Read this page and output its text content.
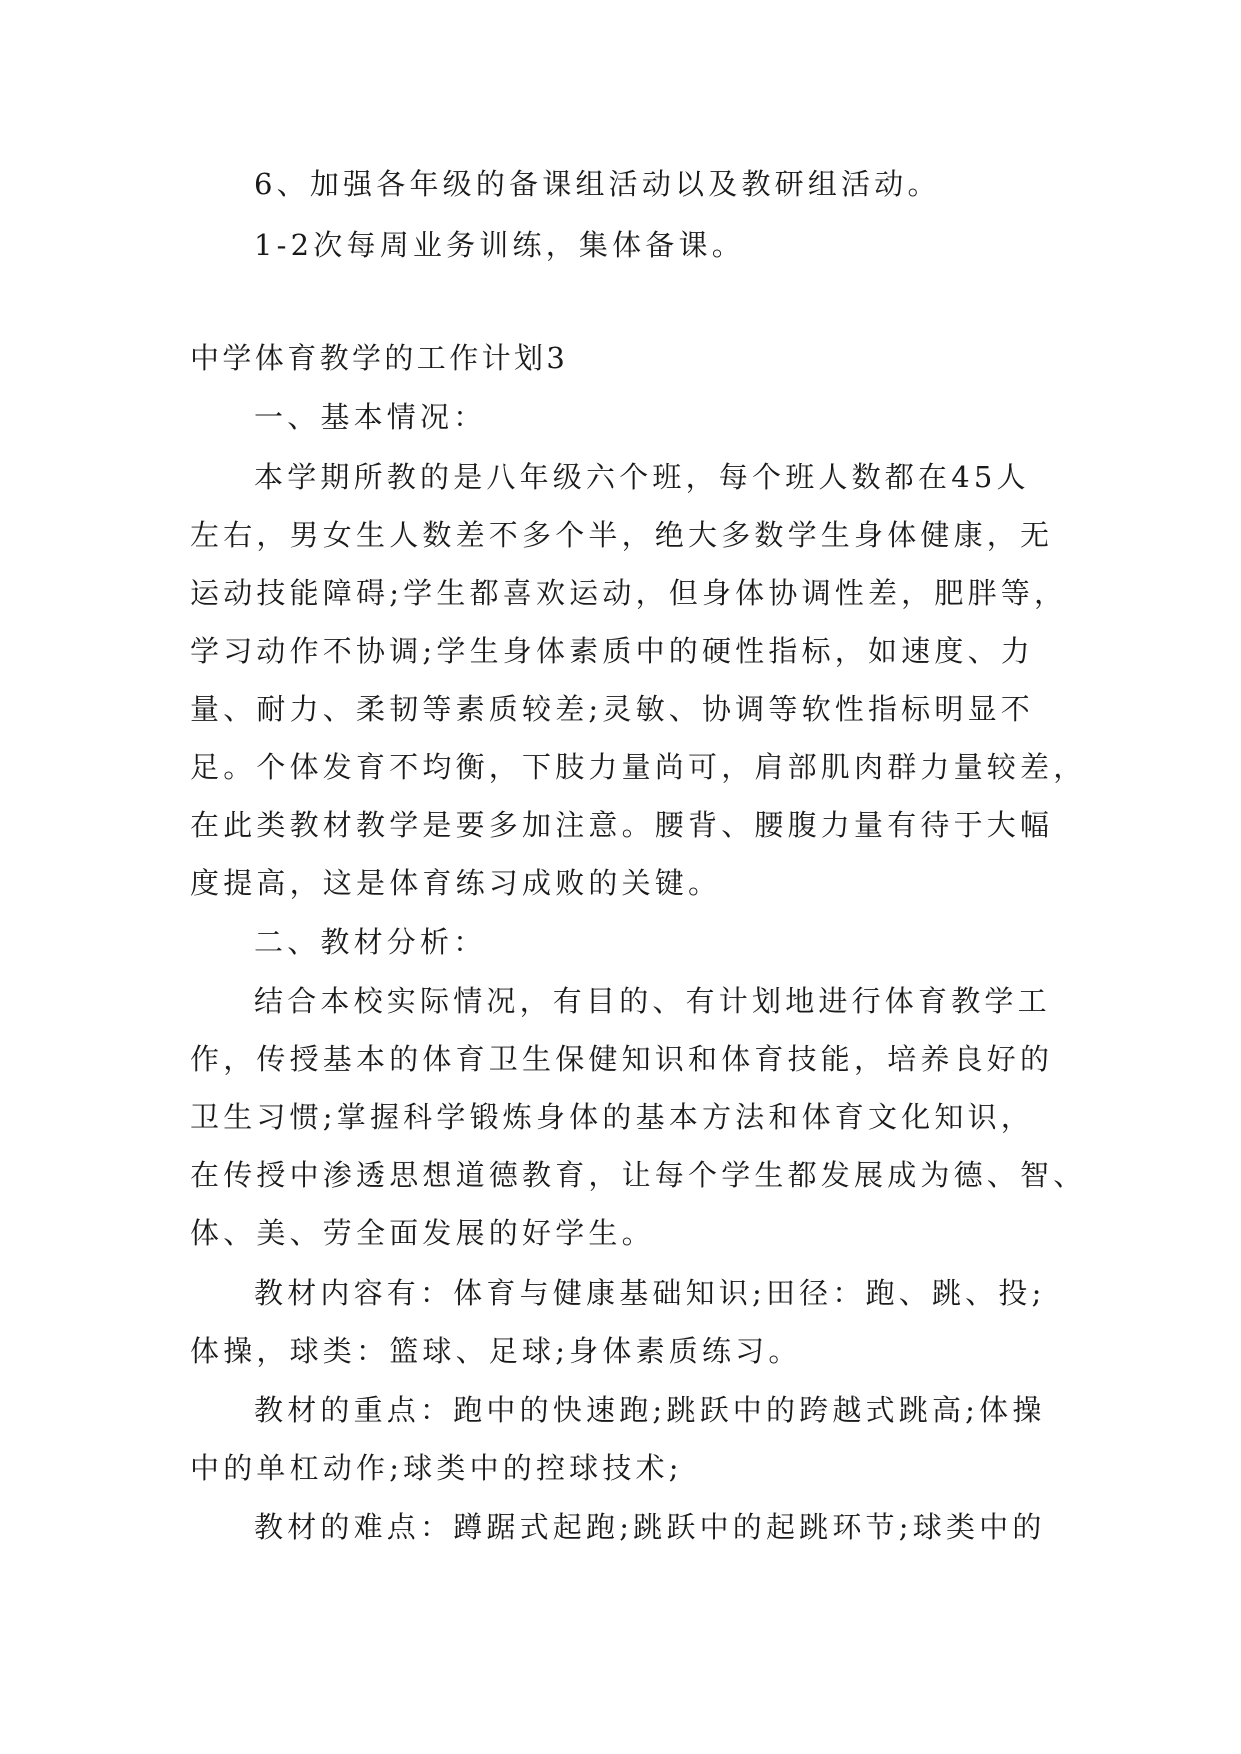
6、加强各年级的备课组活动以及教研组活动。
1-2次每周业务训练，集体备课。
中学体育教学的工作计划3
一、基本情况：
本学期所教的是八年级六个班，每个班人数都在45人
左右，男女生人数差不多个半，绝大多数学生身体健康，无
运动技能障碍;学生都喜欢运动，但身体协调性差，肥胖等，
学习动作不协调;学生身体素质中的硬性指标，如速度、力
量、耐力、柔韧等素质较差;灵敏、协调等软性指标明显不
足。个体发育不均衡，下肢力量尚可，肩部肌肉群力量较差，
在此类教材教学是要多加注意。腰背、腰腹力量有待于大幅
度提高，这是体育练习成败的关键。
二、教材分析：
结合本校实际情况，有目的、有计划地进行体育教学工
作，传授基本的体育卫生保健知识和体育技能，培养良好的
卫生习惯;掌握科学锻炼身体的基本方法和体育文化知识，
在传授中渗透思想道德教育，让每个学生都发展成为德、智、
体、美、劳全面发展的好学生。
教材内容有：体育与健康基础知识;田径：跑、跳、投;
体操，球类：篮球、足球;身体素质练习。
教材的重点：跑中的快速跑;跳跃中的跨越式跳高;体操
中的单杠动作;球类中的控球技术;
教材的难点：蹲踞式起跑;跳跃中的起跳环节;球类中的
